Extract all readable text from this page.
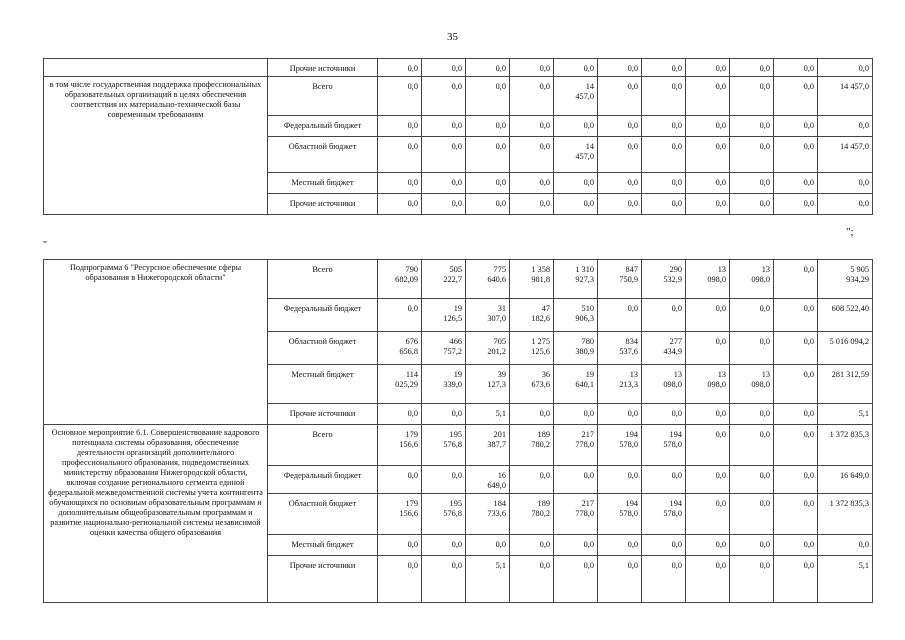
35
	Прочие источники	0,0	0,0	0,0	0,0	0,0	0,0	0,0	0,0	0,0	0,0	0,0
в том числе государственная поддержка профессиональных образовательных организаций в целях обеспечения соответствия их материально-технической базы современным требованиям	Всего	0,0	0,0	0,0	0,0	14 457,0	0,0	0,0	0,0	0,0	0,0	14 457,0
	Федеральный бюджет	0,0	0,0	0,0	0,0	0,0	0,0	0,0	0,0	0,0	0,0	0,0
	Областной бюджет	0,0	0,0	0,0	0,0	14 457,0	0,0	0,0	0,0	0,0	0,0	14 457,0
	Местный бюджет	0,0	0,0	0,0	0,0	0,0	0,0	0,0	0,0	0,0	0,0	0,0
	Прочие источники	0,0	0,0	0,0	0,0	0,0	0,0	0,0	0,0	0,0	0,0	0,0
";
"
Подпрограмма 6 "Ресурсное обеспечение сферы образования в Нижегородской области"	Всего	790 682,09	505 222,7	775 640,6	1 358 981,8	1 310 927,3	847 750,9	290 532,9	13 098,0	13 098,0	0,0	5 905 934,29
	Федеральный бюджет	0,0	19 126,5	31 307,0	47 182,6	510 906,3	0,0	0,0	0,0	0,0	0,0	608 522,40
	Областной бюджет	676 656,8	466 757,2	705 201,2	1 275 125,6	780 380,9	834 537,6	277 434,9	0,0	0,0	0,0	5 016 094,2
	Местный бюджет	114 025,29	19 339,0	39 127,3	36 673,6	19 640,1	13 213,3	13 098,0	13 098,0	13 098,0	0,0	281 312,59
	Прочие источники	0,0	0,0	5,1	0,0	0,0	0,0	0,0	0,0	0,0	0,0	5,1
Основное мероприятие 6.1. Совершенствование кадрового потенциала системы образования, обеспечение деятельности организаций дополнительного профессионального образования, подведомственных министерству образования Нижегородской области, включая создание регионального сегмента единой федеральной межведомственной системы учета контингента обучающихся по основным образовательным программам и дополнительным общеобразовательным программам и развитие национально-региональной системы независимой оценки качества общего образования	Всего	179 156,6	195 576,8	201 387,7	189 780,2	217 778,0	194 578,0	194 578,0	0,0	0,0	0,0	1 372 835,3
	Федеральный бюджет	0,0	0,0	16 649,0	0,0	0,0	0,0	0,0	0,0	0,0	0,0	16 649,0
	Областной бюджет	179 156,6	195 576,8	184 733,6	189 780,2	217 778,0	194 578,0	194 578,0	0,0	0,0	0,0	1 372 835,3
	Местный бюджет	0,0	0,0	0,0	0,0	0,0	0,0	0,0	0,0	0,0	0,0	0,0
	Прочие источники	0,0	0,0	5,1	0,0	0,0	0,0	0,0	0,0	0,0	0,0	5,1
